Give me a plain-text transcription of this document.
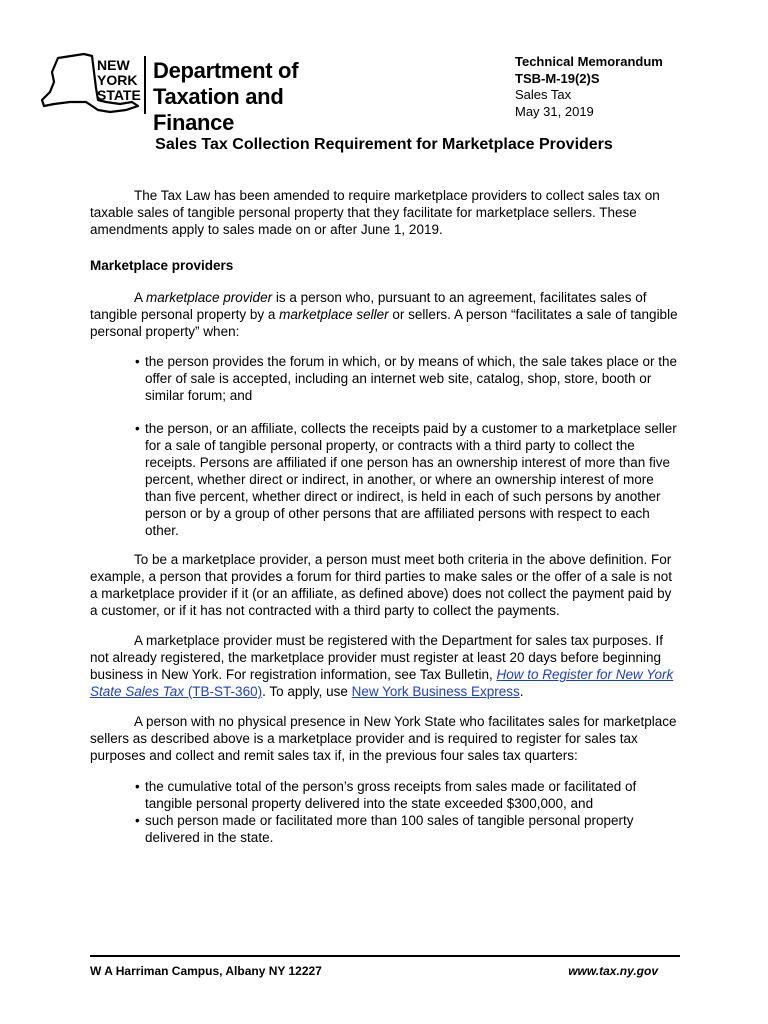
NEW
YORK
STATE
Department of
Taxation and Finance
Technical Memorandum
TSB-M-19(2)S
Sales Tax
May 31, 2019
Sales Tax Collection Requirement for Marketplace Providers
The Tax Law has been amended to require marketplace providers to collect sales tax on taxable sales of tangible personal property that they facilitate for marketplace sellers. These amendments apply to sales made on or after June 1, 2019.
Marketplace providers
A marketplace provider is a person who, pursuant to an agreement, facilitates sales of tangible personal property by a marketplace seller or sellers. A person “facilitates a sale of tangible personal property” when:
• the person provides the forum in which, or by means of which, the sale takes place or the offer of sale is accepted, including an internet web site, catalog, shop, store, booth or similar forum; and
• the person, or an affiliate, collects the receipts paid by a customer to a marketplace seller for a sale of tangible personal property, or contracts with a third party to collect the receipts. Persons are affiliated if one person has an ownership interest of more than five percent, whether direct or indirect, in another, or where an ownership interest of more than five percent, whether direct or indirect, is held in each of such persons by another person or by a group of other persons that are affiliated persons with respect to each other.
To be a marketplace provider, a person must meet both criteria in the above definition. For example, a person that provides a forum for third parties to make sales or the offer of a sale is not a marketplace provider if it (or an affiliate, as defined above) does not collect the payment paid by a customer, or if it has not contracted with a third party to collect the payments.
A marketplace provider must be registered with the Department for sales tax purposes. If not already registered, the marketplace provider must register at least 20 days before beginning business in New York. For registration information, see Tax Bulletin, How to Register for New York State Sales Tax (TB-ST-360). To apply, use New York Business Express.
A person with no physical presence in New York State who facilitates sales for marketplace sellers as described above is a marketplace provider and is required to register for sales tax purposes and collect and remit sales tax if, in the previous four sales tax quarters:
• the cumulative total of the person’s gross receipts from sales made or facilitated of tangible personal property delivered into the state exceeded $300,000, and
• such person made or facilitated more than 100 sales of tangible personal property delivered in the state.
W A Harriman Campus, Albany NY 12227	www.tax.ny.gov
